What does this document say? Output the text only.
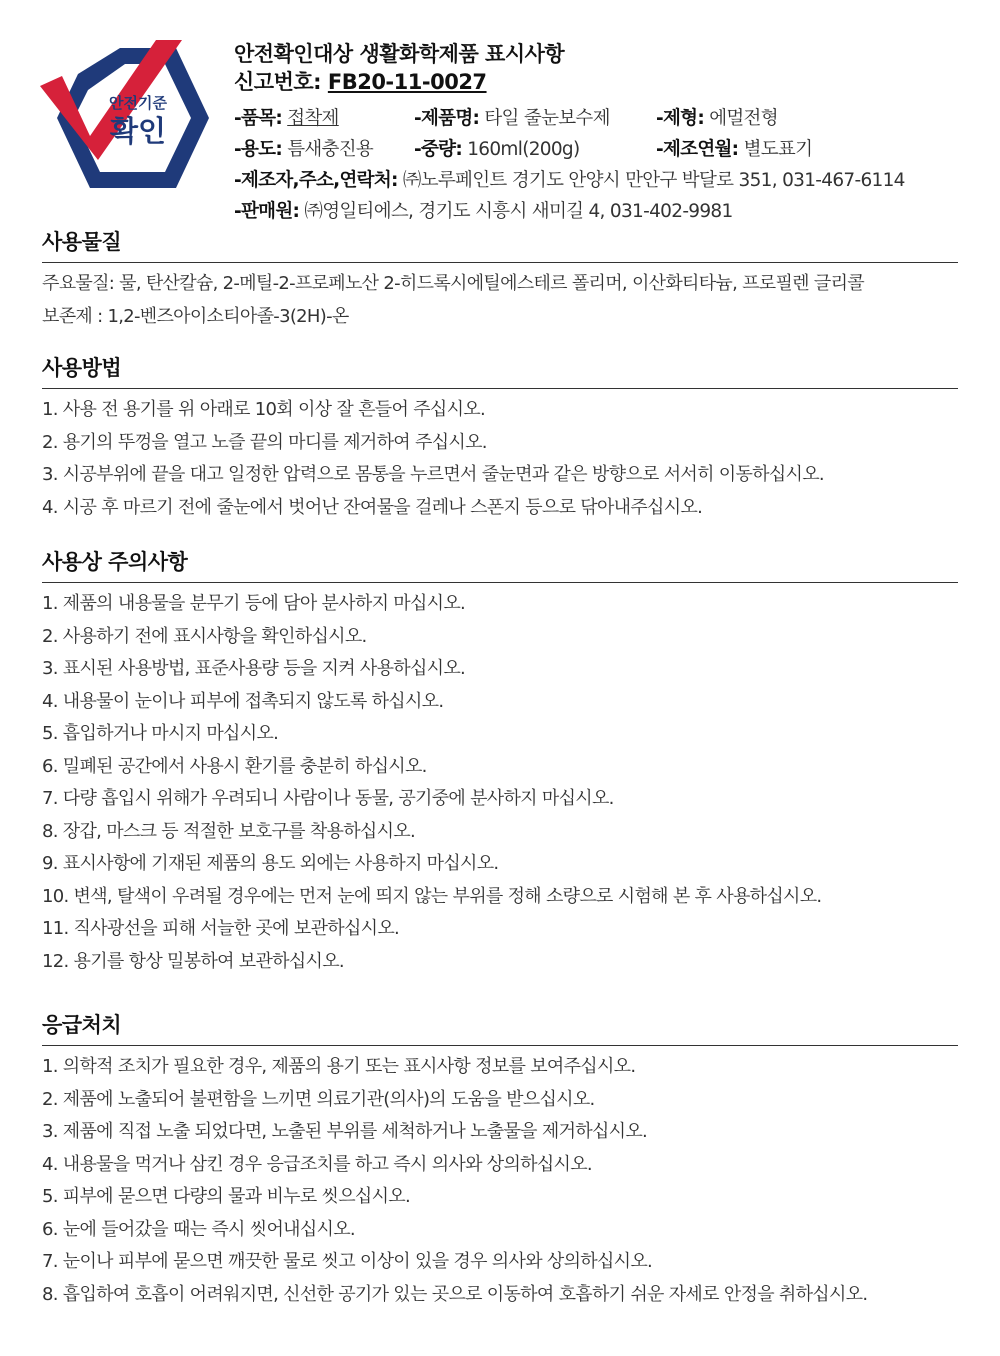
안전기준
확인
안전확인대상 생활화학제품 표시사항
신고번호: FB20-11-0027
-품목: 접착제	-제품명: 타일 줄눈보수제	-제형: 에멀전형
-용도: 틈새충진용	-중량: 160ml(200g)	-제조연월: 별도표기
-제조자,주소,연락처:
㈜노루페인트 경기도 안양시 만안구 박달로 351, 031-467-6114
-판매원:
㈜영일티에스, 경기도 시흥시 새미길 4, 031-402-9981
사용물질
주요물질: 물, 탄산칼슘, 2-메틸-2-프로페노산 2-히드록시에틸에스테르 폴리머, 이산화티타늄, 프로필렌 글리콜
보존제 : 1,2-벤즈아이소티아졸-3(2H)-온
사용방법
1. 사용 전 용기를 위 아래로 10회 이상 잘 흔들어 주십시오.
2. 용기의 뚜껑을 열고 노즐 끝의 마디를 제거하여 주십시오.
3. 시공부위에 끝을 대고 일정한 압력으로 몸통을 누르면서 줄눈면과 같은 방향으로 서서히 이동하십시오.
4. 시공 후 마르기 전에 줄눈에서 벗어난 잔여물을 걸레나 스폰지 등으로 닦아내주십시오.
사용상 주의사항
1. 제품의 내용물을 분무기 등에 담아 분사하지 마십시오.
2. 사용하기 전에 표시사항을 확인하십시오.
3. 표시된 사용방법, 표준사용량 등을 지켜 사용하십시오.
4. 내용물이 눈이나 피부에 접촉되지 않도록 하십시오.
5. 흡입하거나 마시지 마십시오.
6. 밀폐된 공간에서 사용시 환기를 충분히 하십시오.
7. 다량 흡입시 위해가 우려되니 사람이나 동물, 공기중에 분사하지 마십시오.
8. 장갑, 마스크 등 적절한 보호구를 착용하십시오.
9. 표시사항에 기재된 제품의 용도 외에는 사용하지 마십시오.
10. 변색, 탈색이 우려될 경우에는 먼저 눈에 띄지 않는 부위를 정해 소량으로 시험해 본 후 사용하십시오.
11. 직사광선을 피해 서늘한 곳에 보관하십시오.
12. 용기를 항상 밀봉하여 보관하십시오.
응급처치
1. 의학적 조치가 필요한 경우, 제품의 용기 또는 표시사항 정보를 보여주십시오.
2. 제품에 노출되어 불편함을 느끼면 의료기관(의사)의 도움을 받으십시오.
3. 제품에 직접 노출 되었다면, 노출된 부위를 세척하거나 노출물을 제거하십시오.
4. 내용물을 먹거나 삼킨 경우 응급조치를 하고 즉시 의사와 상의하십시오.
5. 피부에 묻으면 다량의 물과 비누로 씻으십시오.
6. 눈에 들어갔을 때는 즉시 씻어내십시오.
7. 눈이나 피부에 묻으면 깨끗한 물로 씻고 이상이 있을 경우 의사와 상의하십시오.
8. 흡입하여 호흡이 어려워지면, 신선한 공기가 있는 곳으로 이동하여 호흡하기 쉬운 자세로 안정을 취하십시오.
